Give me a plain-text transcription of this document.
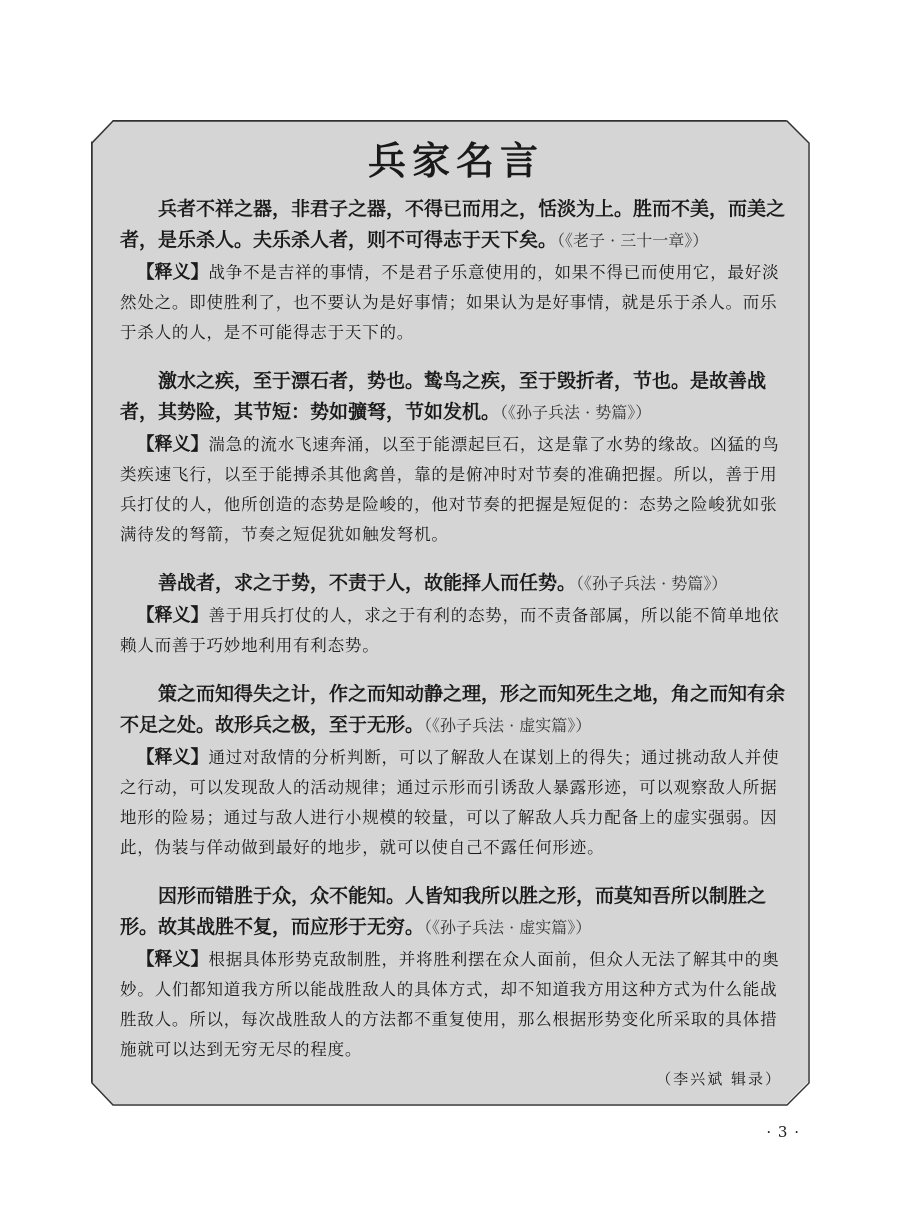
兵家名言

兵者不祥之器，非君子之器，不得已而用之，恬淡为上。胜而不美，而美之者，是乐杀人。夫乐杀人者，则不可得志于天下矣。（《老子 · 三十一章》）

【释义】战争不是吉祥的事情，不是君子乐意使用的，如果不得已而使用它，最好淡然处之。即使胜利了，也不要认为是好事情；如果认为是好事情，就是乐于杀人。而乐于杀人的人，是不可能得志于天下的。

激水之疾，至于漂石者，势也。鸷鸟之疾，至于毁折者，节也。是故善战者，其势险，其节短：势如彍弩，节如发机。（《孙子兵法 · 势篇》）

【释义】湍急的流水飞速奔涌，以至于能漂起巨石，这是靠了水势的缘故。凶猛的鸟类疾速飞行，以至于能搏杀其他禽兽，靠的是俯冲时对节奏的准确把握。所以，善于用兵打仗的人，他所创造的态势是险峻的，他对节奏的把握是短促的：态势之险峻犹如张满待发的弩箭，节奏之短促犹如触发弩机。

善战者，求之于势，不责于人，故能择人而任势。（《孙子兵法 · 势篇》）

【释义】善于用兵打仗的人，求之于有利的态势，而不责备部属，所以能不简单地依赖人而善于巧妙地利用有利态势。

策之而知得失之计，作之而知动静之理，形之而知死生之地，角之而知有余不足之处。故形兵之极，至于无形。（《孙子兵法 · 虚实篇》）

【释义】通过对敌情的分析判断，可以了解敌人在谋划上的得失；通过挑动敌人并使之行动，可以发现敌人的活动规律；通过示形而引诱敌人暴露形迹，可以观察敌人所据地形的险易；通过与敌人进行小规模的较量，可以了解敌人兵力配备上的虚实强弱。因此，伪装与佯动做到最好的地步，就可以使自己不露任何形迹。

因形而错胜于众，众不能知。人皆知我所以胜之形，而莫知吾所以制胜之形。故其战胜不复，而应形于无穷。（《孙子兵法 · 虚实篇》）

【释义】根据具体形势克敌制胜，并将胜利摆在众人面前，但众人无法了解其中的奥妙。人们都知道我方所以能战胜敌人的具体方式，却不知道我方用这种方式为什么能战胜敌人。所以，每次战胜敌人的方法都不重复使用，那么根据形势变化所采取的具体措施就可以达到无穷无尽的程度。

（李兴斌 辑录）
· 3 ·
